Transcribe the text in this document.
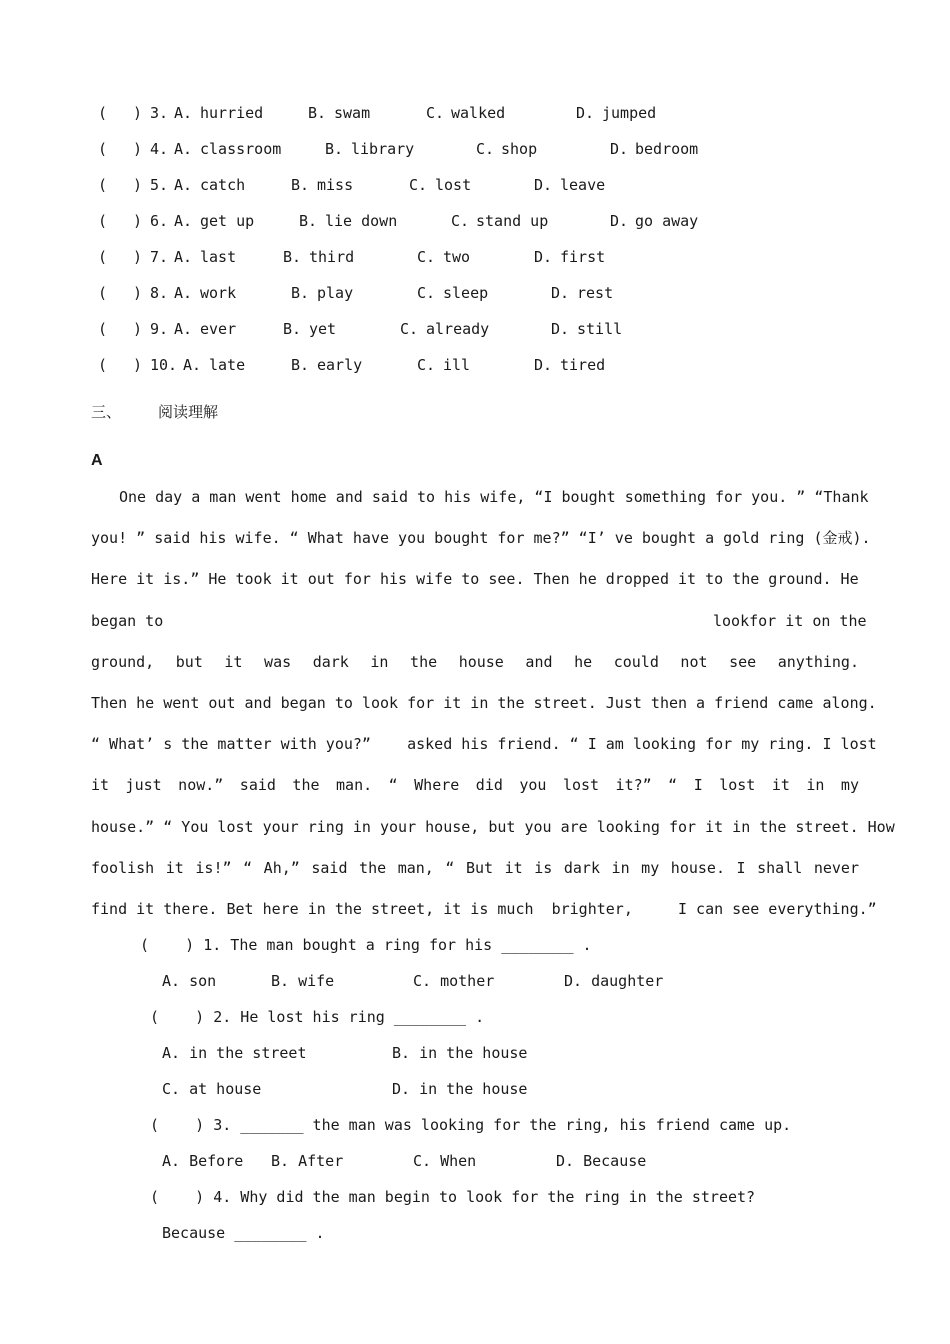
( ) 3. A. hurried	B. swam	C. walked	D. jumped
( ) 4. A. classroom	B. library	C. shop	D. bedroom
( ) 5. A. catch	B. miss	C. lost	D. leave
( ) 6. A. get up	B. lie down	C. stand up	D. go away
( ) 7. A. last	B. third	C. two	D. first
( ) 8. A. work	B. play	C. sleep	D. rest
( ) 9. A. ever	B. yet	C. already	D. still
( ) 10. A. late	B. early	C. ill	D. tired
三、 阅读理解
A
One day a man went home and said to his wife, “I bought something for you. ” “Thank
you! ” said his wife. “ What have you bought for me?” “I’ ve bought a gold ring (金戒).
Here it is.” He took it out for his wife to see. Then he dropped it to the ground. He
began to	lookfor it on the
ground, but it was dark in the house and he could not see anything.
Then he went out and began to look for it in the street. Just then a friend came along.
“ What’ s the matter with you?”    asked his friend. “ I am looking for my ring. I lost
it just now.” said the man. “ Where did you lost it?” “ I lost it in my
house.” “ You lost your ring in your house, but you are looking for it in the street. How
foolish it is!” “ Ah,” said the man, “ But it is dark in my house. I shall never
find it there. Bet here in the street, it is much  brighter,     I can see everything.”
(    ) 1. The man bought a ring for his ________ .
A. son	B. wife	C. mother	D. daughter
(    ) 2. He lost his ring ________ .
A. in the street	B. in the house
C. at house	D. in the house
(    ) 3. _______ the man was looking for the ring, his friend came up.
A. Before B. After	C. When	D. Because
(    ) 4. Why did the man begin to look for the ring in the street?
Because ________ .
